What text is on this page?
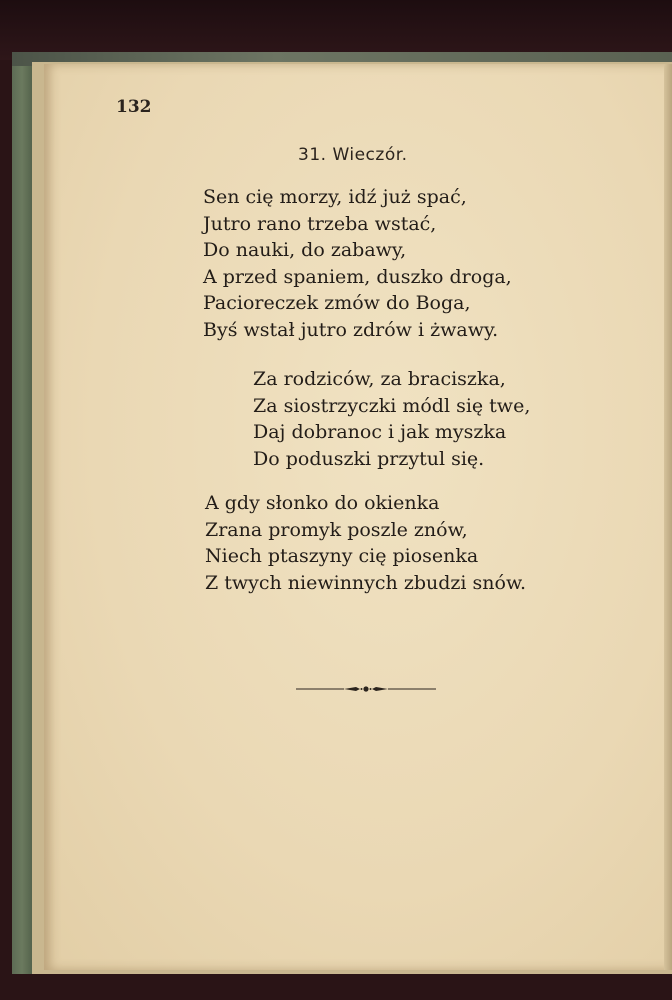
132

31. Wieczór.

Sen cię morzy, idź już spać,
Jutro rano trzeba wstać,
Do nauki, do zabawy,
A przed spaniem, duszko droga,
Pacioreczek zmów do Boga,
Byś wstał jutro zdrów i żwawy.
Za rodziców, za braciszka,
Za siostrzyczki módl się twe,
Daj dobranoc i jak myszka
Do poduszki przytul się.
A gdy słonko do okienka
Zrana promyk poszle znów,
Niech ptaszyny cię piosenka
Z twych niewinnych zbudzi snów.
